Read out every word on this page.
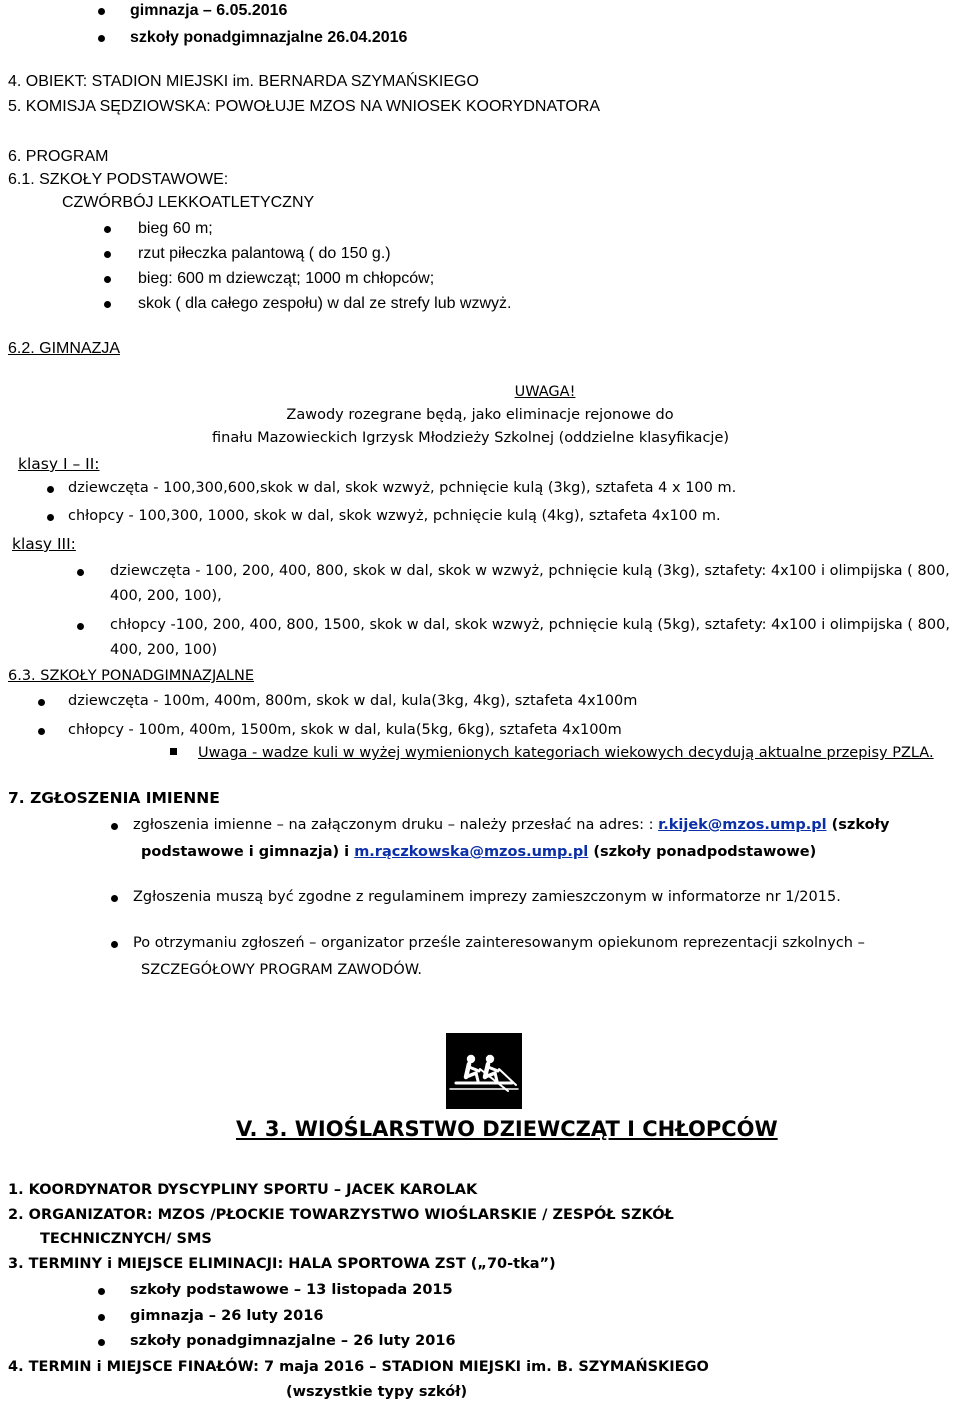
gimnazja – 6.05.2016
szkoły ponadgimnazjalne 26.04.2016
4. OBIEKT: STADION MIEJSKI im. BERNARDA SZYMAŃSKIEGO
5. KOMISJA SĘDZIOWSKA: POWOŁUJE MZOS NA WNIOSEK KOORYDNATORA
6. PROGRAM
6.1. SZKOŁY PODSTAWOWE:
CZWÓRBÓJ LEKKOATLETYCZNY
bieg 60 m;
rzut piłeczka palantową ( do 150 g.)
bieg: 600 m dziewcząt; 1000 m chłopców;
skok ( dla całego zespołu) w dal ze strefy lub wzwyż.
6.2. GIMNAZJA
UWAGA!
Zawody rozegrane będą, jako eliminacje rejonowe do
finału Mazowieckich Igrzysk Młodzieży Szkolnej (oddzielne klasyfikacje)
klasy I – II:
dziewczęta - 100,300,600,skok w dal, skok wzwyż, pchnięcie kulą (3kg), sztafeta 4 x 100 m.
chłopcy - 100,300, 1000, skok w dal, skok wzwyż, pchnięcie kulą (4kg), sztafeta 4x100 m.
klasy III:
dziewczęta - 100, 200, 400, 800, skok w dal, skok w wzwyż, pchnięcie kulą (3kg), sztafety: 4x100 i olimpijska ( 800,
400, 200, 100),
chłopcy -100, 200, 400, 800, 1500, skok w dal, skok wzwyż, pchnięcie kulą (5kg), sztafety: 4x100 i olimpijska ( 800,
400, 200, 100)
6.3. SZKOŁY PONADGIMNAZJALNE
dziewczęta - 100m, 400m, 800m, skok w dal, kula(3kg, 4kg), sztafeta 4x100m
chłopcy - 100m, 400m, 1500m, skok w dal, kula(5kg, 6kg), sztafeta 4x100m
Uwaga - wadze kuli w wyżej wymienionych kategoriach wiekowych decydują aktualne przepisy PZLA.
7. ZGŁOSZENIA IMIENNE
zgłoszenia imienne – na załączonym druku – należy przesłać na adres: : r.kijek@mzos.ump.pl (szkoły
podstawowe i gimnazja) i m.rączkowska@mzos.ump.pl (szkoły ponadpodstawowe)
Zgłoszenia muszą być zgodne z regulaminem imprezy zamieszczonym w informatorze nr 1/2015.
Po otrzymaniu zgłoszeń – organizator prześle zainteresowanym opiekunom reprezentacji szkolnych –
SZCZEGÓŁOWY PROGRAM ZAWODÓW.
V. 3. WIOŚLARSTWO DZIEWCZĄT I CHŁOPCÓW
1. KOORDYNATOR DYSCYPLINY SPORTU – JACEK KAROLAK
2. ORGANIZATOR: MZOS /PŁOCKIE TOWARZYSTWO WIOŚLARSKIE / ZESPÓŁ SZKÓŁ
TECHNICZNYCH/ SMS
3. TERMINY i MIEJSCE ELIMINACJI: HALA SPORTOWA ZST („70-tka”)
szkoły podstawowe – 13 listopada 2015
gimnazja – 26 luty 2016
szkoły ponadgimnazjalne – 26 luty 2016
4. TERMIN i MIEJSCE FINAŁÓW: 7 maja 2016 – STADION MIEJSKI im. B. SZYMAŃSKIEGO
(wszystkie typy szkół)
